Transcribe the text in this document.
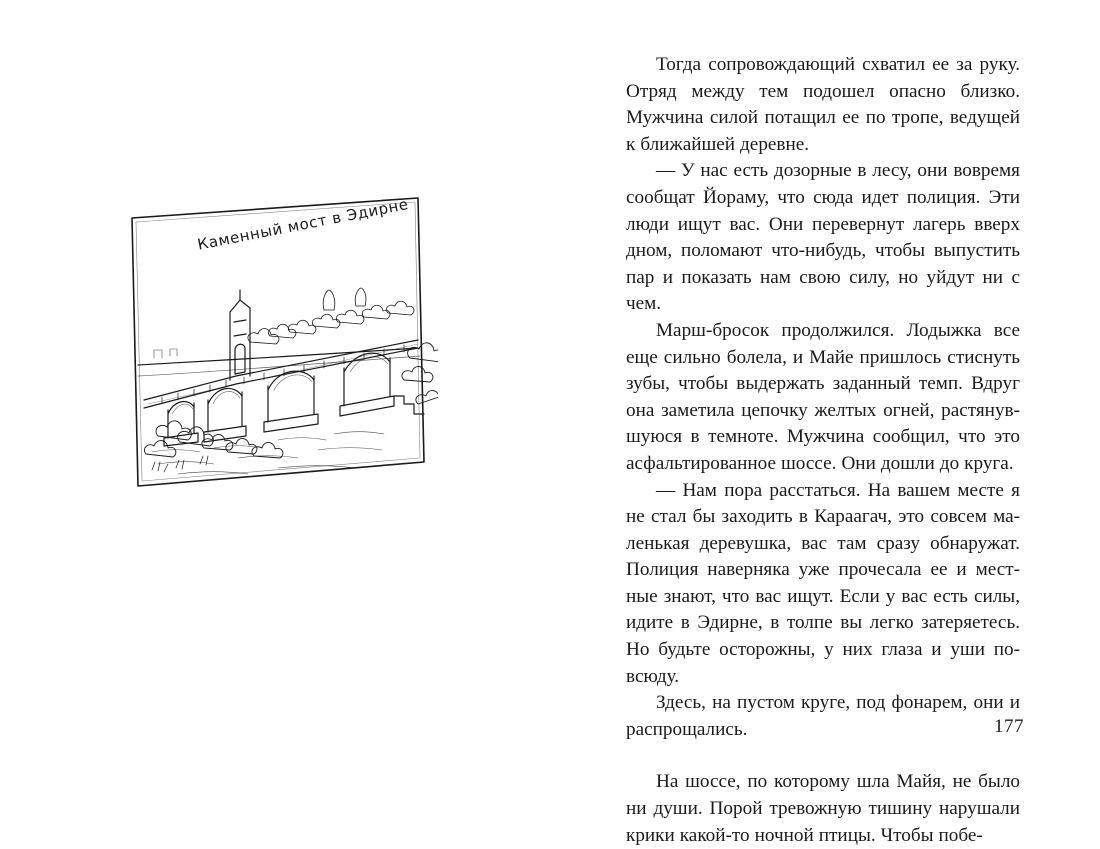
Каменный мост в Эдирне

Тогда сопровождающий схватил ее за руку. Отряд между тем подошел опасно близко. Мужчина силой потащил ее по тропе, ведущей к ближайшей деревне.

— У нас есть дозорные в лесу, они вовремя сообщат Йораму, что сюда идет полиция. Эти люди ищут вас. Они перевернут лагерь вверх дном, поломают что-нибудь, чтобы выпустить пар и показать нам свою силу, но уйдут ни с чем.

Марш-бросок продолжился. Лодыжка все еще сильно болела, и Майе пришлось стиснуть зубы, чтобы выдержать заданный темп. Вдруг она заметила цепочку желтых огней, растянувшуюся в темноте. Мужчина сообщил, что это асфальтированное шоссе. Они дошли до круга.

— Нам пора расстаться. На вашем месте я не стал бы заходить в Караагач, это совсем маленькая деревушка, вас там сразу обнаружат. Полиция наверняка уже прочесала ее и местные знают, что вас ищут. Если у вас есть силы, идите в Эдирне, в толпе вы легко затеряетесь. Но будьте осторожны, у них глаза и уши повсюду.

Здесь, на пустом круге, под фонарем, они и распрощались.

На шоссе, по которому шла Майя, не было ни души. Порой тревожную тишину нарушали крики какой-то ночной птицы. Чтобы побе-

177
